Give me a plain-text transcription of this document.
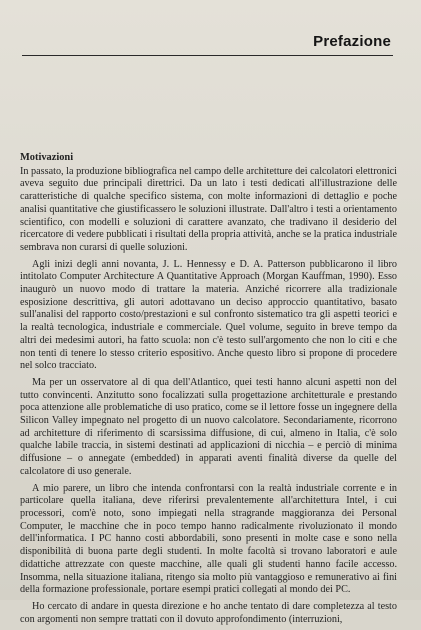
Prefazione
Motivazioni

In passato, la produzione bibliografica nel campo delle architetture dei calcolatori elettronici aveva seguito due principali direttrici. Da un lato i testi dedicati all'illustrazione delle caratteristiche di qualche specifico sistema, con molte informazioni di dettaglio e poche analisi quantitative che giustificassero le soluzioni illustrate. Dall'altro i testi a orientamento scientifico, con modelli e soluzioni di carattere avanzato, che tradivano il desiderio del ricercatore di vedere pubblicati i risultati della propria attività, anche se la pratica industriale sembrava non curarsi di quelle soluzioni.

Agli inizi degli anni novanta, J. L. Hennessy e D. A. Patterson pubblicarono il libro intitolato Computer Architecture A Quantitative Approach (Morgan Kauffman, 1990). Esso inaugurò un nuovo modo di trattare la materia. Anziché ricorrere alla tradizionale esposizione descrittiva, gli autori adottavano un deciso approccio quantitativo, basato sull'analisi del rapporto costo/prestazioni e sul confronto sistematico tra gli aspetti teorici e la realtà tecnologica, industriale e commerciale. Quel volume, seguito in breve tempo da altri dei medesimi autori, ha fatto scuola: non c'è testo sull'argomento che non lo citi e che non tenti di tenere lo stesso criterio espositivo. Anche questo libro si propone di procedere nel solco tracciato.

Ma per un osservatore al di qua dell'Atlantico, quei testi hanno alcuni aspetti non del tutto convincenti. Anzitutto sono focalizzati sulla progettazione architetturale e prestando poca attenzione alle problematiche di uso pratico, come se il lettore fosse un ingegnere della Silicon Valley impegnato nel progetto di un nuovo calcolatore. Secondariamente, ricorrono ad architetture di riferimento di scarsissima diffusione, di cui, almeno in Italia, c'è solo qualche labile traccia, in sistemi destinati ad applicazioni di nicchia – e perciò di minima diffusione – o annegate (embedded) in apparati aventi finalità diverse da quelle del calcolatore di uso generale.

A mio parere, un libro che intenda confrontarsi con la realtà industriale corrente e in particolare quella italiana, deve riferirsi prevalentemente all'architettura Intel, i cui processori, com'è noto, sono impiegati nella stragrande maggioranza dei Personal Computer, le macchine che in poco tempo hanno radicalmente rivoluzionato il mondo dell'informatica. I PC hanno costi abbordabili, sono presenti in molte case e sono nella disponibilità di buona parte degli studenti. In molte facoltà si trovano laboratori e aule didattiche attrezzate con queste macchine, alle quali gli studenti hanno facile accesso. Insomma, nella situazione italiana, ritengo sia molto più vantaggioso e remunerativo ai fini della formazione professionale, portare esempi pratici collegati al mondo dei PC.

Ho cercato di andare in questa direzione e ho anche tentato di dare completezza al testo con argomenti non sempre trattati con il dovuto approfondimento (interruzioni,
